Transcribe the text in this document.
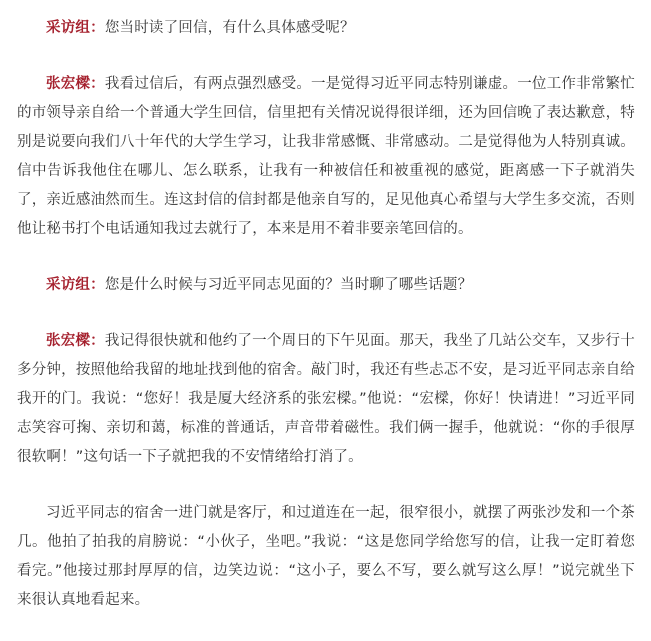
采访组：您当时读了回信，有什么具体感受呢？

张宏樑：我看过信后，有两点强烈感受。一是觉得习近平同志特别谦虚。一位工作非常繁忙的市领导亲自给一个普通大学生回信，信里把有关情况说得很详细，还为回信晚了表达歉意，特别是说要向我们八十年代的大学生学习，让我非常感慨、非常感动。二是觉得他为人特别真诚。信中告诉我他住在哪儿、怎么联系，让我有一种被信任和被重视的感觉，距离感一下子就消失了，亲近感油然而生。连这封信的信封都是他亲自写的，足见他真心希望与大学生多交流，否则他让秘书打个电话通知我过去就行了，本来是用不着非要亲笔回信的。

采访组：您是什么时候与习近平同志见面的？当时聊了哪些话题？

张宏樑：我记得很快就和他约了一个周日的下午见面。那天，我坐了几站公交车，又步行十多分钟，按照他给我留的地址找到他的宿舍。敲门时，我还有些忐忑不安，是习近平同志亲自给我开的门。我说：“您好！我是厦大经济系的张宏樑。”他说：“宏樑，你好！快请进！”习近平同志笑容可掬、亲切和蔼，标准的普通话，声音带着磁性。我们俩一握手，他就说：“你的手很厚很软啊！”这句话一下子就把我的不安情绪给打消了。

习近平同志的宿舍一进门就是客厅，和过道连在一起，很窄很小，就摆了两张沙发和一个茶几。他拍了拍我的肩膀说：“小伙子，坐吧。”我说：“这是您同学给您写的信，让我一定盯着您看完。”他接过那封厚厚的信，边笑边说：“这小子，要么不写，要么就写这么厚！”说完就坐下来很认真地看起来。
